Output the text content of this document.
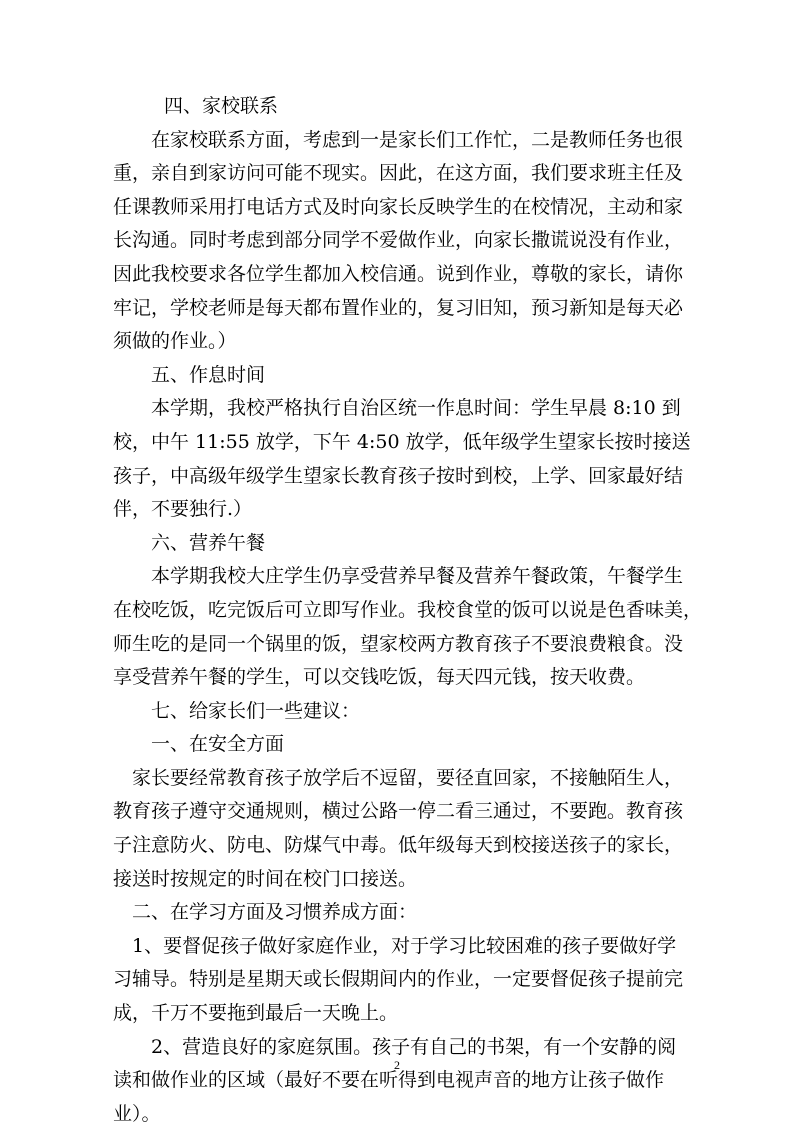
四、家校联系
在家校联系方面，考虑到一是家长们工作忙，二是教师任务也很
重，亲自到家访问可能不现实。因此，在这方面，我们要求班主任及
任课教师采用打电话方式及时向家长反映学生的在校情况，主动和家
长沟通。同时考虑到部分同学不爱做作业，向家长撒谎说没有作业，
因此我校要求各位学生都加入校信通。说到作业，尊敬的家长，请你
牢记，学校老师是每天都布置作业的，复习旧知，预习新知是每天必
须做的作业。）
五、作息时间
本学期，我校严格执行自治区统一作息时间：学生早晨 8:10 到
校，中午 11:55 放学，下午 4:50 放学，低年级学生望家长按时接送
孩子，中高级年级学生望家长教育孩子按时到校，上学、回家最好结
伴，不要独行.）
六、营养午餐
本学期我校大庄学生仍享受营养早餐及营养午餐政策，午餐学生
在校吃饭，吃完饭后可立即写作业。我校食堂的饭可以说是色香味美，
师生吃的是同一个锅里的饭，望家校两方教育孩子不要浪费粮食。没
享受营养午餐的学生，可以交钱吃饭，每天四元钱，按天收费。
七、给家长们一些建议：
一、在安全方面
家长要经常教育孩子放学后不逗留，要径直回家，不接触陌生人，
教育孩子遵守交通规则，横过公路一停二看三通过，不要跑。教育孩
子注意防火、防电、防煤气中毒。低年级每天到校接送孩子的家长，
接送时按规定的时间在校门口接送。
二、在学习方面及习惯养成方面：
1、要督促孩子做好家庭作业，对于学习比较困难的孩子要做好学
习辅导。特别是星期天或长假期间内的作业，一定要督促孩子提前完
成，千万不要拖到最后一天晚上。
2、营造良好的家庭氛围。孩子有自己的书架，有一个安静的阅
读和做作业的区域（最好不要在听得到电视声音的地方让孩子做作
业）。
2
